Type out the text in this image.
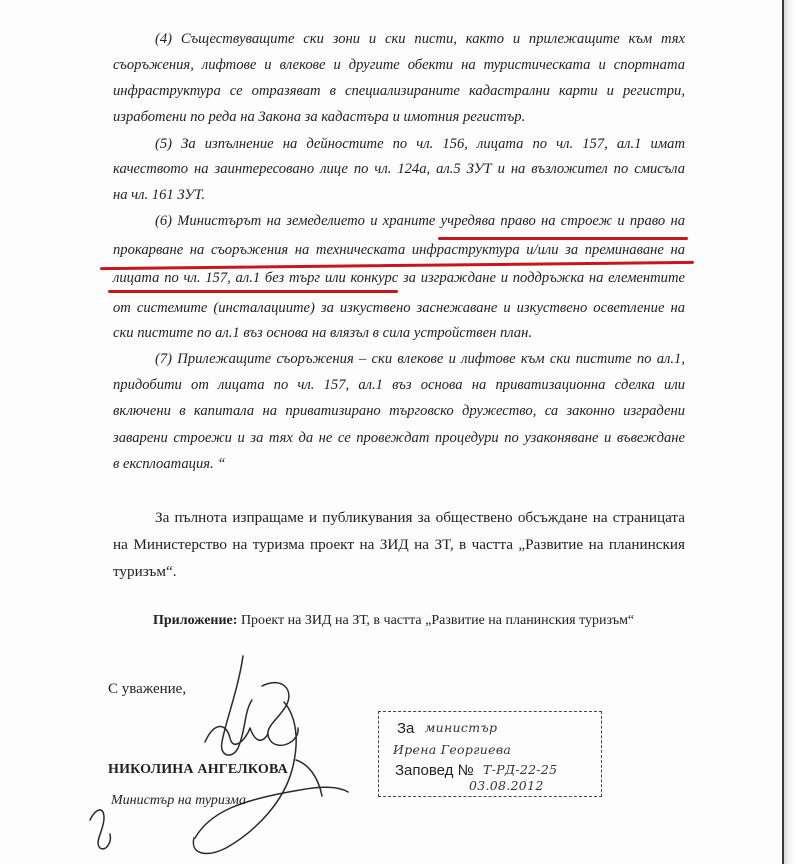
(4) Съществуващите ски зони и ски писти, както и прилежащите към тях
съоръжения, лифтове и влекове и другите обекти на туристическата и спортната
инфраструктура се отразяват в специализираните кадастрални карти и регистри,
изработени по реда на Закона за кадастъра и имотния регистър.
(5) За изпълнение на дейностите по чл. 156, лицата по чл. 157, ал.1 имат
качеството на заинтересовано лице по чл. 124а, ал.5 ЗУТ и на възложител по смисъла
на чл. 161 ЗУТ.
(6) Министърът на земеделието и храните учредява право на строеж и право на
прокарване на съоръжения на техническата инфраструктура и/или за преминаване на
лицата по чл. 157, ал.1 без търг или конкурс за изграждане и поддръжка на елементите
от системите (инсталациите) за изкуствено заснежаване и изкуствено осветление на
ски пистите по ал.1 въз основа на влязъл в сила устройствен план.
(7) Прилежащите съоръжения – ски влекове и лифтове към ски пистите по ал.1,
придобити от лицата по чл. 157, ал.1 въз основа на приватизационна сделка или
включени в капитала на приватизирано търговско дружество, са законно изградени
заварени строежи и за тях да не се провеждат процедури по узаконяване и въвеждане
в експлоатация. “
За пълнота изпращаме и публикувания за обществено обсъждане на страницата
на Министерство на туризма проект на ЗИД на ЗТ, в частта „Развитие на планинския
туризъм“.
Приложение: Проект на ЗИД на ЗТ, в частта „Развитие на планинския туризъм“
С уважение,
НИКОЛИНА АНГЕЛКОВА
Министър на туризма
За министър
Ирена Георгиева
Заповед № Т-РД-22-25
03.08.2012
